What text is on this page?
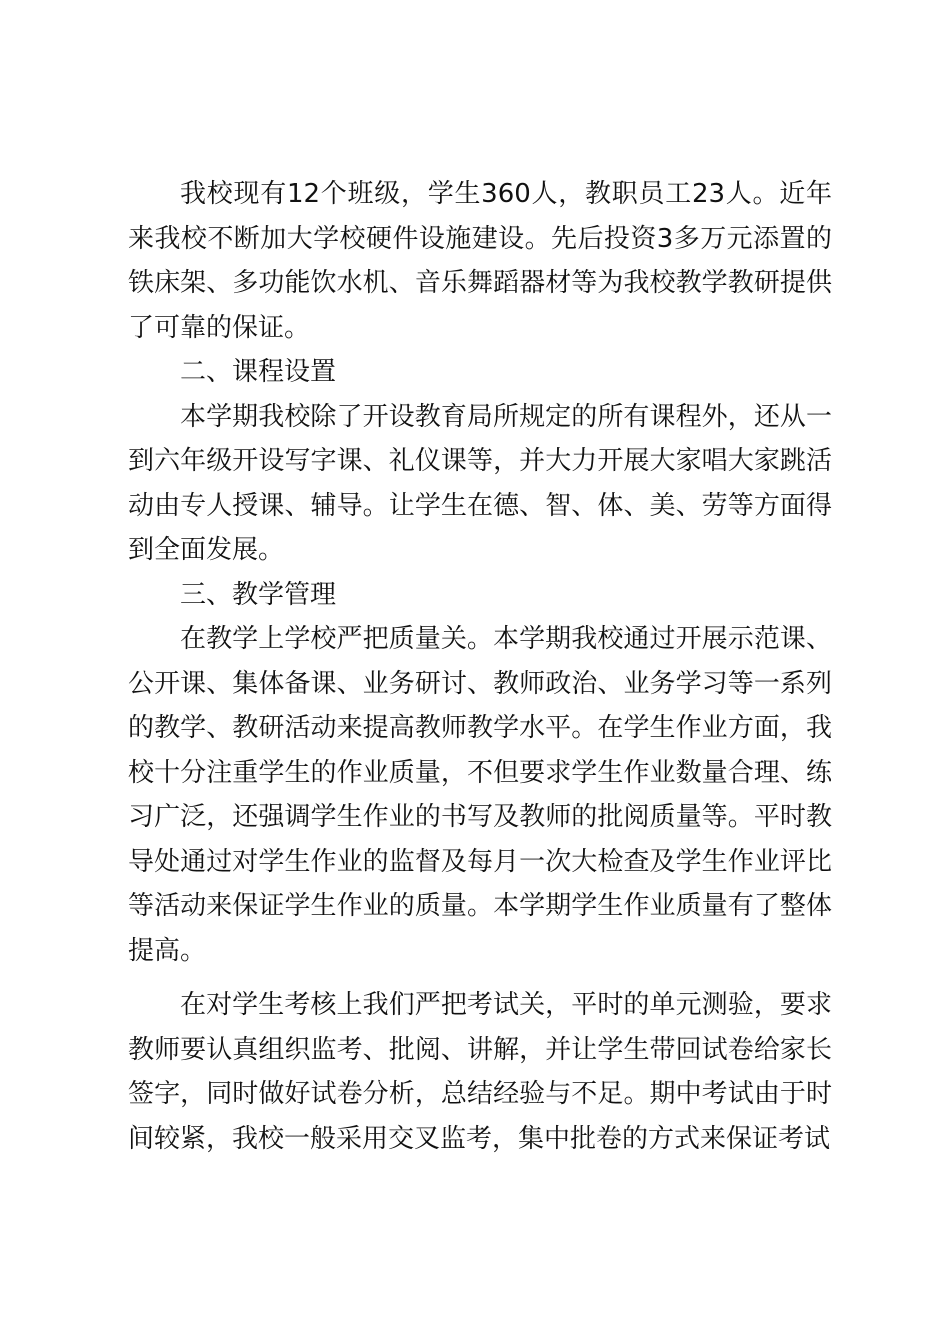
我校现有12个班级，学生360人，教职员工23人。近年来我校不断加大学校硬件设施建设。先后投资3多万元添置的铁床架、多功能饮水机、音乐舞蹈器材等为我校教学教研提供了可靠的保证。

二、课程设置

本学期我校除了开设教育局所规定的所有课程外，还从一到六年级开设写字课、礼仪课等，并大力开展大家唱大家跳活动由专人授课、辅导。让学生在德、智、体、美、劳等方面得到全面发展。

三、教学管理

在教学上学校严把质量关。本学期我校通过开展示范课、公开课、集体备课、业务研讨、教师政治、业务学习等一系列的教学、教研活动来提高教师教学水平。在学生作业方面，我校十分注重学生的作业质量，不但要求学生作业数量合理、练习广泛，还强调学生作业的书写及教师的批阅质量等。平时教导处通过对学生作业的监督及每月一次大检查及学生作业评比等活动来保证学生作业的质量。本学期学生作业质量有了整体提高。

在对学生考核上我们严把考试关，平时的单元测验，要求教师要认真组织监考、批阅、讲解，并让学生带回试卷给家长签字，同时做好试卷分析，总结经验与不足。期中考试由于时间较紧，我校一般采用交叉监考，集中批卷的方式来保证考试
